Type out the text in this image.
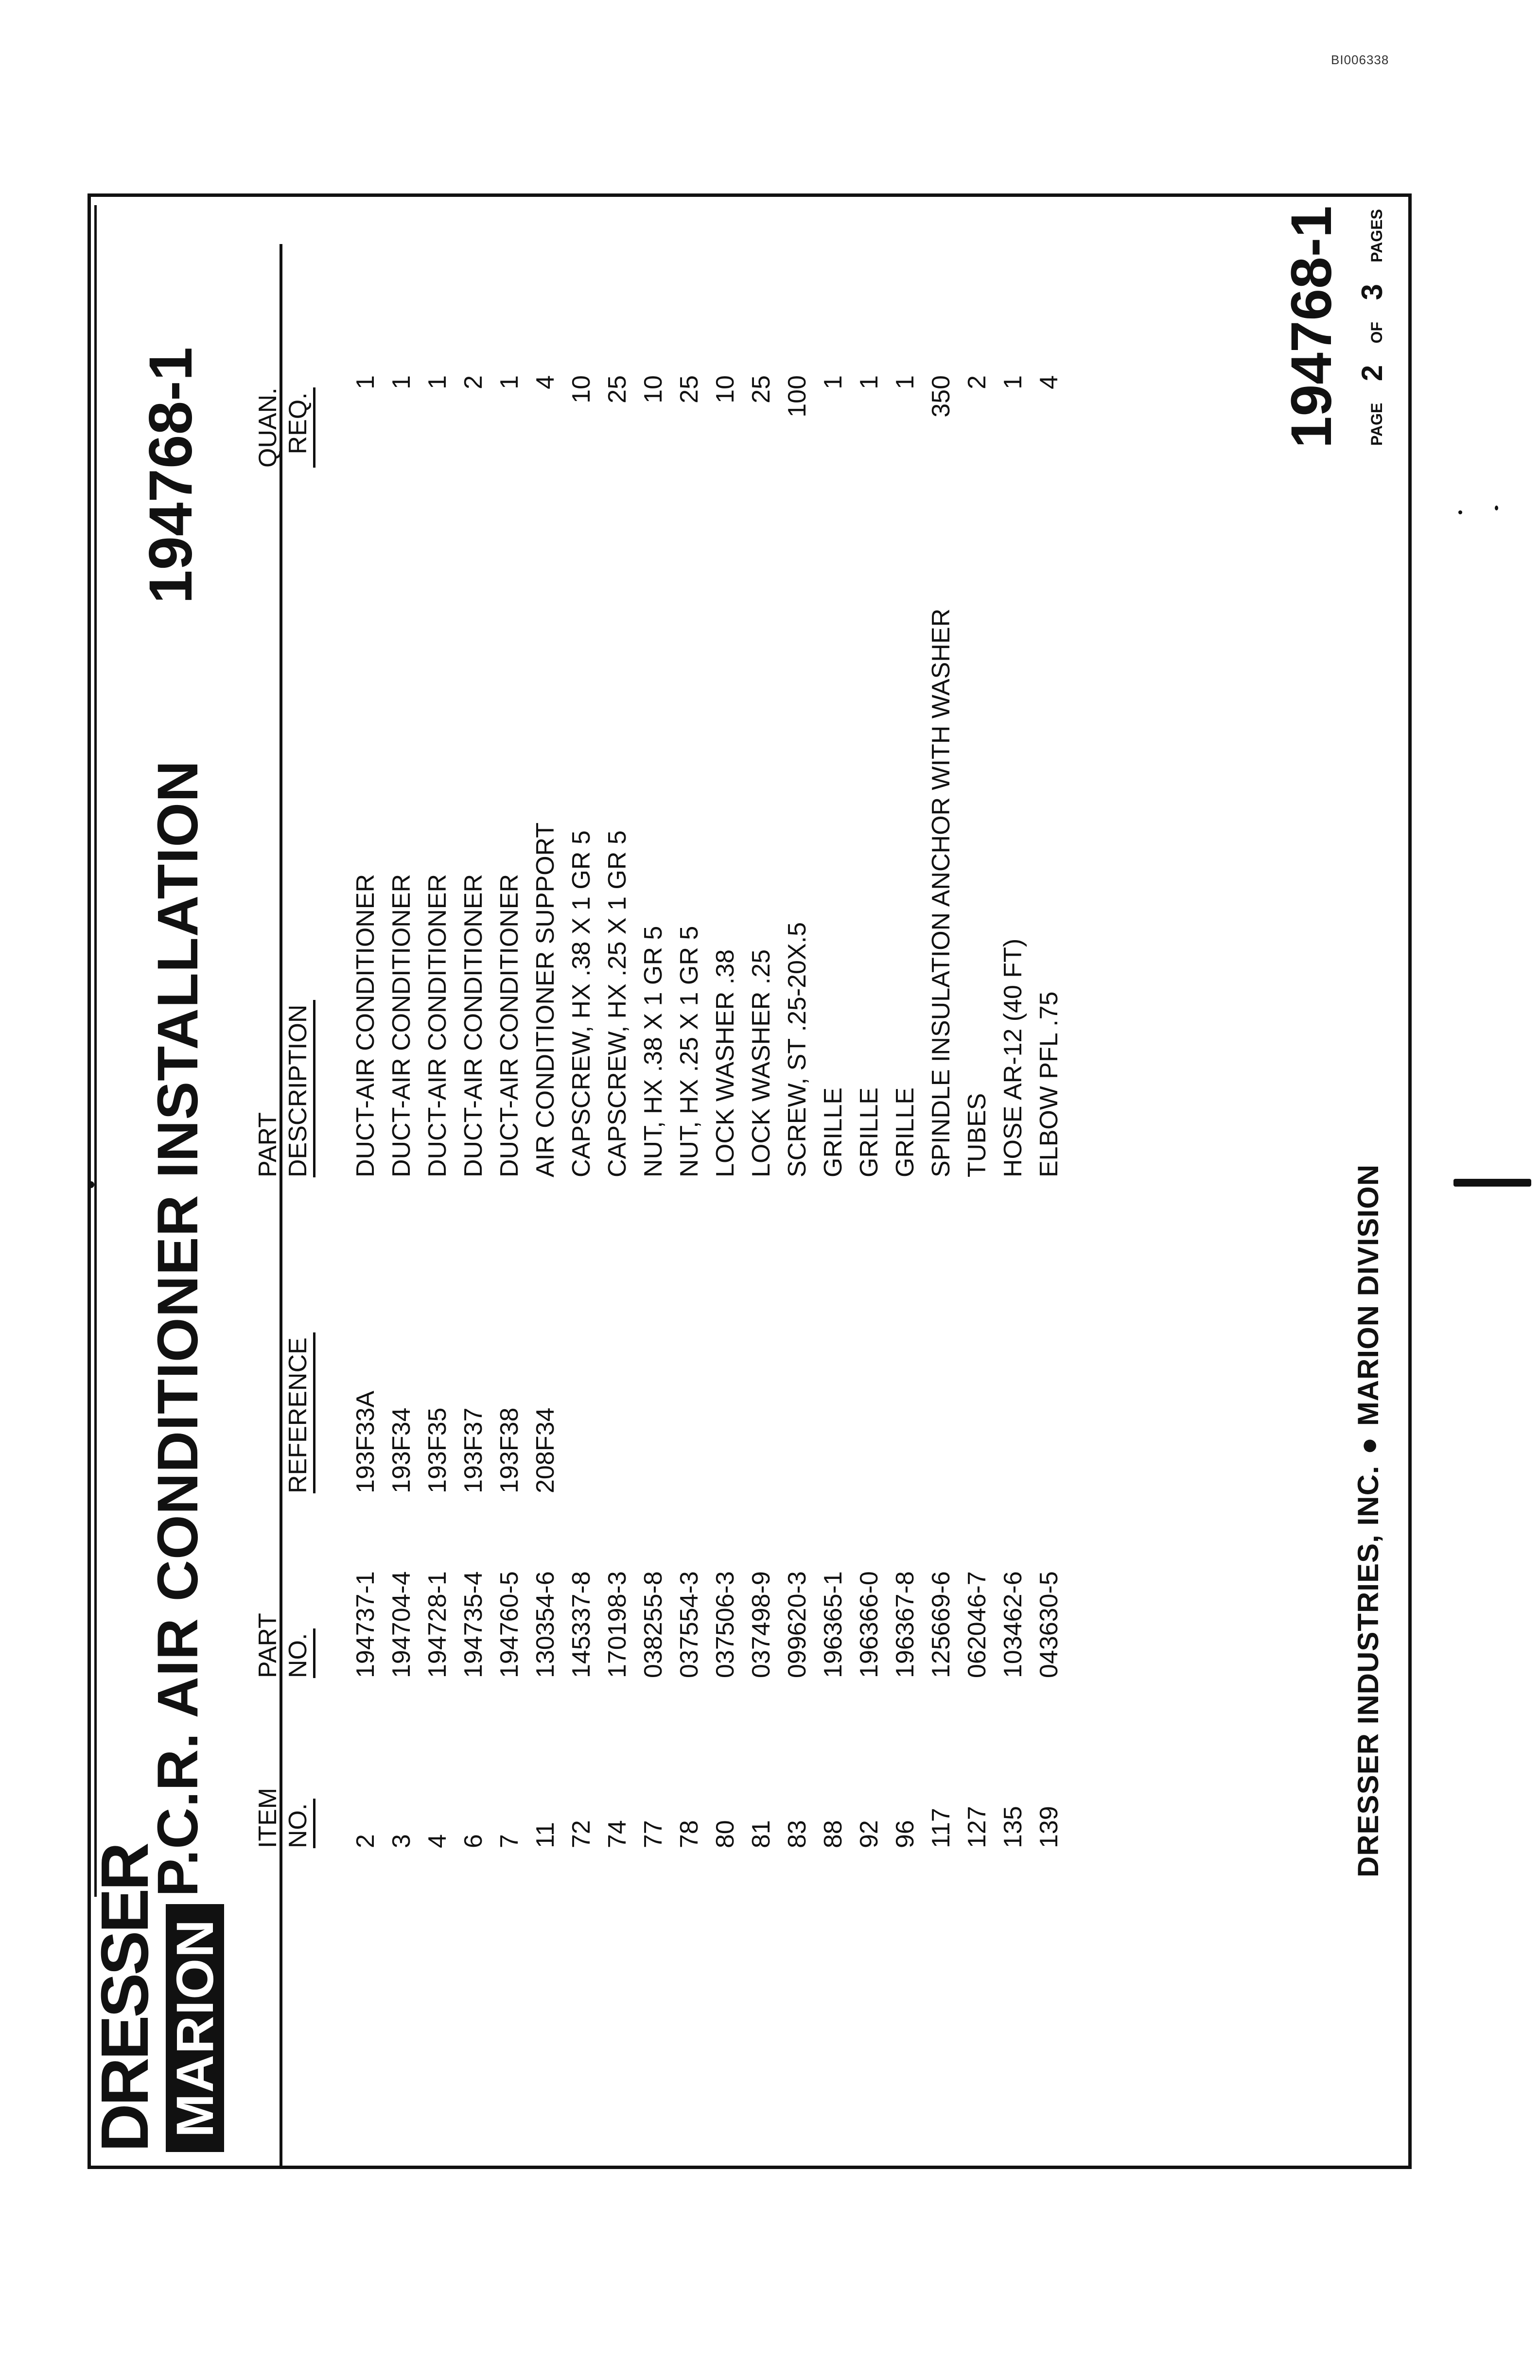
BI006338
DRESSER MARION
P.C.R. AIR CONDITIONER INSTALLATION
194768-1
ITEM NO.
PART NO.
REFERENCE
PART DESCRIPTION
QUAN. REQ.
2
194737-1
193F33A
DUCT-AIR CONDITIONER
1
3
194704-4
193F34
DUCT-AIR CONDITIONER
1
4
194728-1
193F35
DUCT-AIR CONDITIONER
1
6
194735-4
193F37
DUCT-AIR CONDITIONER
2
7
194760-5
193F38
DUCT-AIR CONDITIONER
1
11
130354-6
208F34
AIR CONDITIONER SUPPORT
4
72
145337-8
CAPSCREW, HX .38 X 1 GR 5
10
74
170198-3
CAPSCREW, HX .25 X 1 GR 5
25
77
038255-8
NUT, HX .38 X 1 GR 5
10
78
037554-3
NUT, HX .25 X 1 GR 5
25
80
037506-3
LOCK WASHER .38
10
81
037498-9
LOCK WASHER .25
25
83
099620-3
SCREW, ST .25-20X.5
100
88
196365-1
GRILLE
1
92
196366-0
GRILLE
1
96
196367-8
GRILLE
1
117
125669-6
SPINDLE INSULATION ANCHOR WITH WASHER
350
127
062046-7
TUBES
2
135
103462-6
HOSE AR-12 (40 FT)
1
139
043630-5
ELBOW PFL .75
4
DRESSER INDUSTRIES, INC.●MARION DIVISION
194768-1	PAGE 2 OF 3 PAGES
